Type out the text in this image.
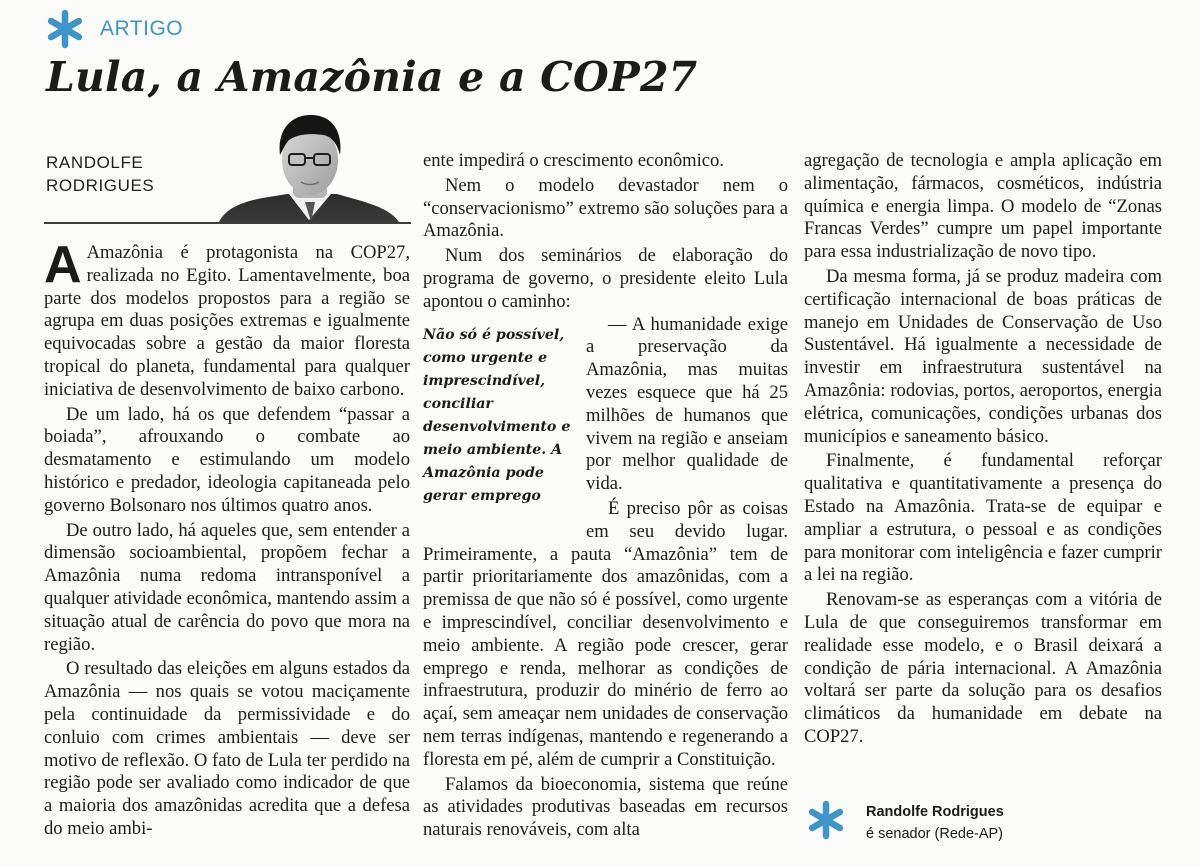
ARTIGO
Lula, a Amazônia e a COP27
RANDOLFE
RODRIGUES

A Amazônia é protagonista na COP27, realizada no Egito. Lamentavelmente, boa parte dos modelos propostos para a região se agrupa em duas posições extremas e igualmente equivocadas sobre a gestão da maior floresta tropical do planeta, fundamental para qualquer iniciativa de desenvolvimento de baixo carbono.

De um lado, há os que defendem “passar a boiada”, afrouxando o combate ao desmatamento e estimulando um modelo histórico e predador, ideologia capitaneada pelo governo Bolsonaro nos últimos quatro anos.

De outro lado, há aqueles que, sem entender a dimensão socioambiental, propõem fechar a Amazônia numa redoma intransponível a qualquer atividade econômica, mantendo assim a situação atual de carência do povo que mora na região.

O resultado das eleições em alguns estados da Amazônia — nos quais se votou maciçamente pela continuidade da permissividade e do conluio com crimes ambientais — deve ser motivo de reflexão. O fato de Lula ter perdido na região pode ser avaliado como indicador de que a maioria dos amazônidas acredita que a defesa do meio ambi-

ente impedirá o crescimento econômico.

Nem o modelo devastador nem o “conservacionismo” extremo são soluções para a Amazônia.

Num dos seminários de elaboração do programa de governo, o presidente eleito Lula apontou o caminho:

Não só é possível, como urgente e imprescindível, conciliar desenvolvimento e meio ambiente. A Amazônia pode gerar emprego

— A humanidade exige a preservação da Amazônia, mas muitas vezes esquece que há 25 milhões de humanos que vivem na região e anseiam por melhor qualidade de vida.

É preciso pôr as coisas em seu devido lugar. Primeiramente, a pauta “Amazônia” tem de partir prioritariamente dos amazônidas, com a premissa de que não só é possível, como urgente e imprescindível, conciliar desenvolvimento e meio ambiente. A região pode crescer, gerar emprego e renda, melhorar as condições de infraestrutura, produzir do minério de ferro ao açaí, sem ameaçar nem unidades de conservação nem terras indígenas, mantendo e regenerando a floresta em pé, além de cumprir a Constituição.

Falamos da bioeconomia, sistema que reúne as atividades produtivas baseadas em recursos naturais renováveis, com alta

agregação de tecnologia e ampla aplicação em alimentação, fármacos, cosméticos, indústria química e energia limpa. O modelo de “Zonas Francas Verdes” cumpre um papel importante para essa industrialização de novo tipo.

Da mesma forma, já se produz madeira com certificação internacional de boas práticas de manejo em Unidades de Conservação de Uso Sustentável. Há igualmente a necessidade de investir em infraestrutura sustentável na Amazônia: rodovias, portos, aeroportos, energia elétrica, comunicações, condições urbanas dos municípios e saneamento básico.

Finalmente, é fundamental reforçar qualitativa e quantitativamente a presença do Estado na Amazônia. Trata-se de equipar e ampliar a estrutura, o pessoal e as condições para monitorar com inteligência e fazer cumprir a lei na região.

Renovam-se as esperanças com a vitória de Lula de que conseguiremos transformar em realidade esse modelo, e o Brasil deixará a condição de pária internacional. A Amazônia voltará ser parte da solução para os desafios climáticos da humanidade em debate na COP27.

Randolfe Rodrigues
é senador (Rede-AP)
